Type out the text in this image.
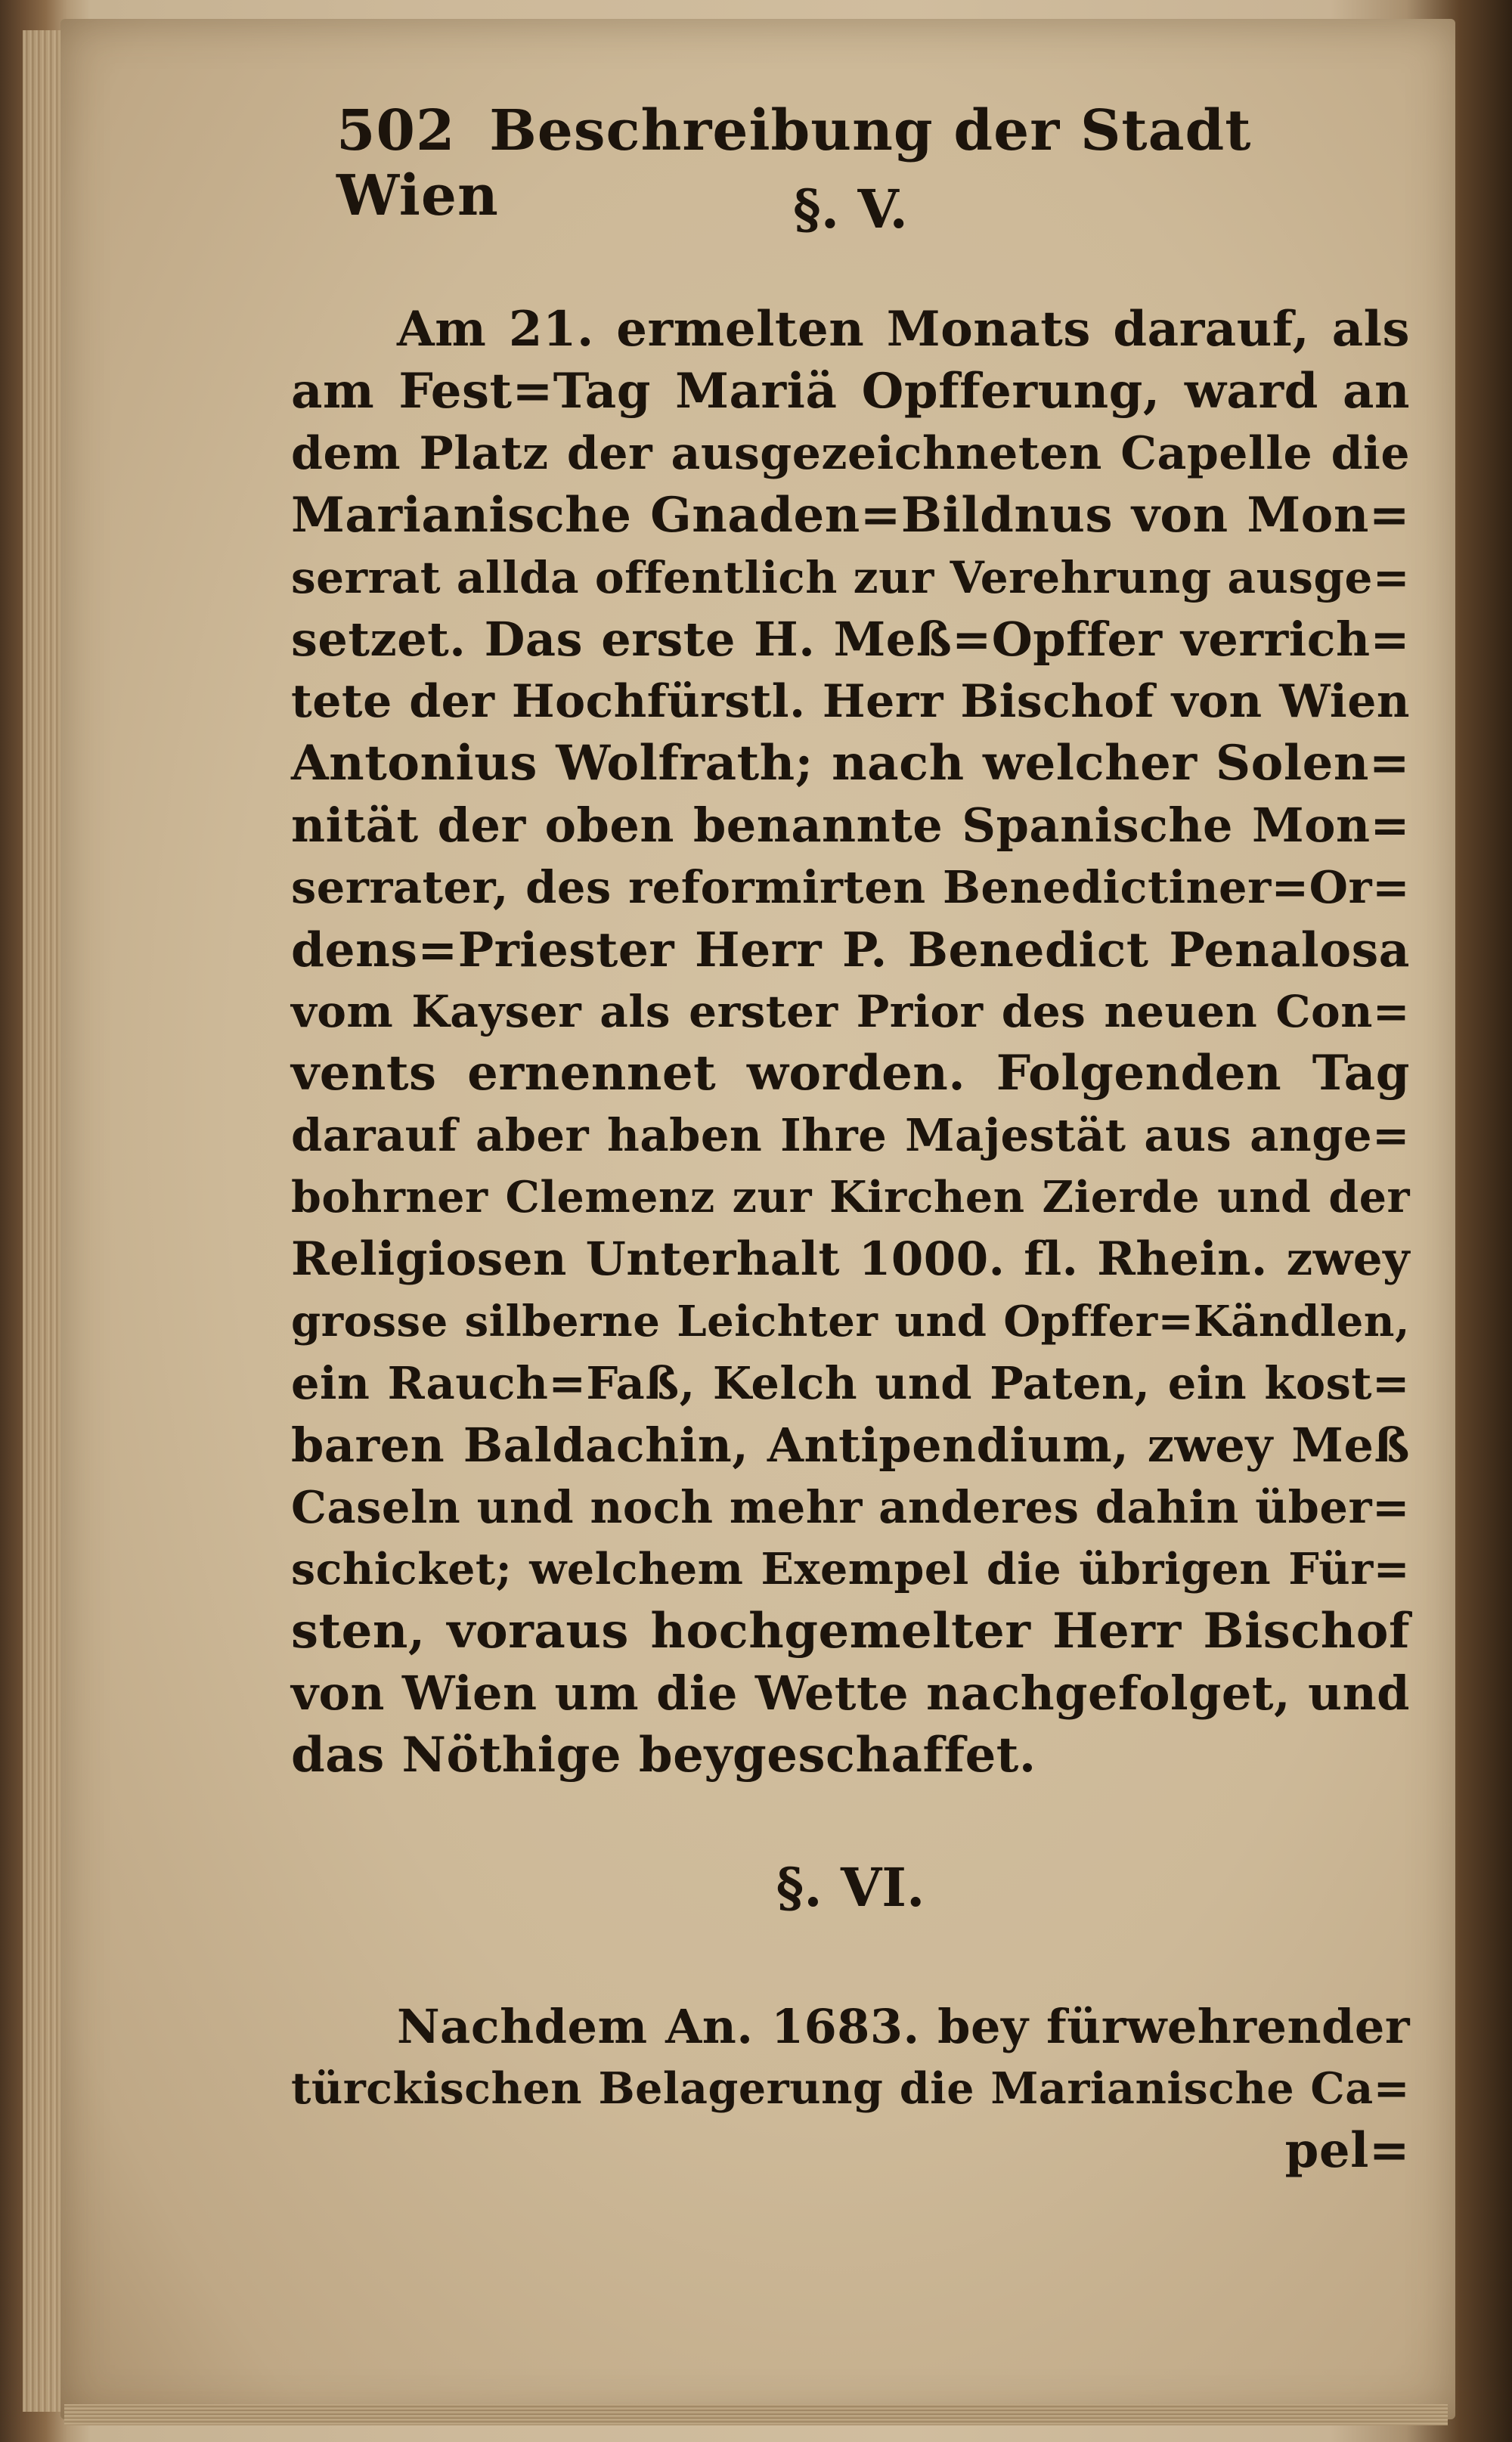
502 Beschreibung der Stadt Wien	§. V.
Am 21. ermelten Monats darauf, als
am Fest=Tag Mariä Opfferung, ward an
dem Platz der ausgezeichneten Capelle die
Marianische Gnaden=Bildnus von Mon=
serrat allda offentlich zur Verehrung ausge=
setzet. Das erste H. Meß=Opffer verrich=
tete der Hochfürstl. Herr Bischof von Wien
Antonius Wolfrath; nach welcher Solen=
nität der oben benannte Spanische Mon=
serrater, des reformirten Benedictiner=Or=
dens=Priester Herr P. Benedict Penalosa
vom Kayser als erster Prior des neuen Con=
vents ernennet worden. Folgenden Tag
darauf aber haben Ihre Majestät aus ange=
bohrner Clemenz zur Kirchen Zierde und der
Religiosen Unterhalt 1000. fl. Rhein. zwey
grosse silberne Leichter und Opffer=Kändlen,
ein Rauch=Faß, Kelch und Paten, ein kost=
baren Baldachin, Antipendium, zwey Meß
Caseln und noch mehr anderes dahin über=
schicket; welchem Exempel die übrigen Für=
sten, voraus hochgemelter Herr Bischof
von Wien um die Wette nachgefolget, und
das Nöthige beygeschaffet.
§. VI.
Nachdem An. 1683. bey fürwehrender
türckischen Belagerung die Marianische Ca=
pel=
